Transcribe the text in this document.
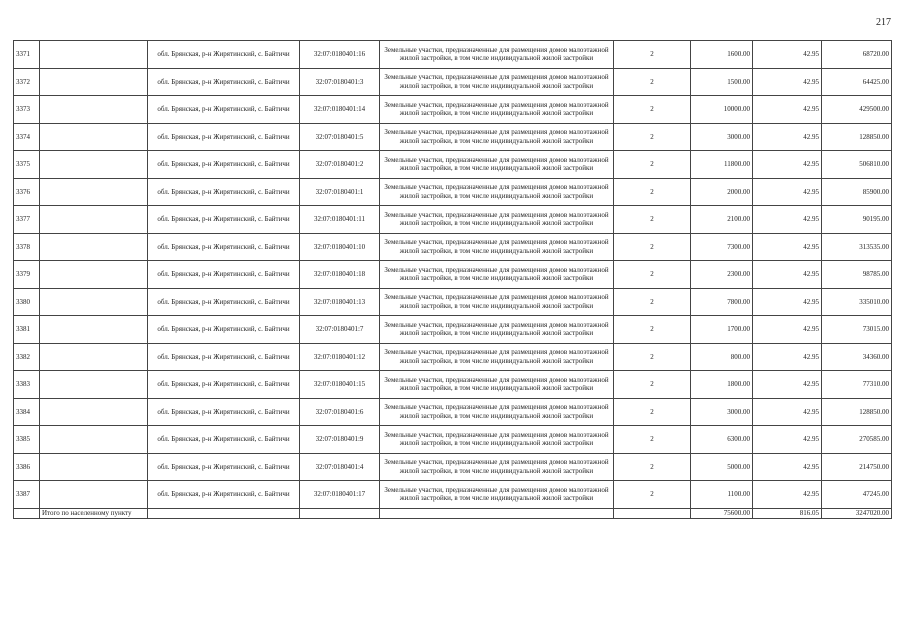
217
3371		обл. Брянская, р-н Жирятинский, с. Байтичи	32:07:0180401:16	Земельные участки, предназначенные для размещения домов малоэтажной жилой застройки, в том числе индивидуальной жилой застройки	2	1600.00	42.95	68720.00
3372		обл. Брянская, р-н Жирятинский, с. Байтичи	32:07:0180401:3	Земельные участки, предназначенные для размещения домов малоэтажной жилой застройки, в том числе индивидуальной жилой застройки	2	1500.00	42.95	64425.00
3373		обл. Брянская, р-н Жирятинский, с. Байтичи	32:07:0180401:14	Земельные участки, предназначенные для размещения домов малоэтажной жилой застройки, в том числе индивидуальной жилой застройки	2	10000.00	42.95	429500.00
3374		обл. Брянская, р-н Жирятинский, с. Байтичи	32:07:0180401:5	Земельные участки, предназначенные для размещения домов малоэтажной жилой застройки, в том числе индивидуальной жилой застройки	2	3000.00	42.95	128850.00
3375		обл. Брянская, р-н Жирятинский, с. Байтичи	32:07:0180401:2	Земельные участки, предназначенные для размещения домов малоэтажной жилой застройки, в том числе индивидуальной жилой застройки	2	11800.00	42.95	506810.00
3376		обл. Брянская, р-н Жирятинский, с. Байтичи	32:07:0180401:1	Земельные участки, предназначенные для размещения домов малоэтажной жилой застройки, в том числе индивидуальной жилой застройки	2	2000.00	42.95	85900.00
3377		обл. Брянская, р-н Жирятинский, с. Байтичи	32:07:0180401:11	Земельные участки, предназначенные для размещения домов малоэтажной жилой застройки, в том числе индивидуальной жилой застройки	2	2100.00	42.95	90195.00
3378		обл. Брянская, р-н Жирятинский, с. Байтичи	32:07:0180401:10	Земельные участки, предназначенные для размещения домов малоэтажной жилой застройки, в том числе индивидуальной жилой застройки	2	7300.00	42.95	313535.00
3379		обл. Брянская, р-н Жирятинский, с. Байтичи	32:07:0180401:18	Земельные участки, предназначенные для размещения домов малоэтажной жилой застройки, в том числе индивидуальной жилой застройки	2	2300.00	42.95	98785.00
3380		обл. Брянская, р-н Жирятинский, с. Байтичи	32:07:0180401:13	Земельные участки, предназначенные для размещения домов малоэтажной жилой застройки, в том числе индивидуальной жилой застройки	2	7800.00	42.95	335010.00
3381		обл. Брянская, р-н Жирятинский, с. Байтичи	32:07:0180401:7	Земельные участки, предназначенные для размещения домов малоэтажной жилой застройки, в том числе индивидуальной жилой застройки	2	1700.00	42.95	73015.00
3382		обл. Брянская, р-н Жирятинский, с. Байтичи	32:07:0180401:12	Земельные участки, предназначенные для размещения домов малоэтажной жилой застройки, в том числе индивидуальной жилой застройки	2	800.00	42.95	34360.00
3383		обл. Брянская, р-н Жирятинский, с. Байтичи	32:07:0180401:15	Земельные участки, предназначенные для размещения домов малоэтажной жилой застройки, в том числе индивидуальной жилой застройки	2	1800.00	42.95	77310.00
3384		обл. Брянская, р-н Жирятинский, с. Байтичи	32:07:0180401:6	Земельные участки, предназначенные для размещения домов малоэтажной жилой застройки, в том числе индивидуальной жилой застройки	2	3000.00	42.95	128850.00
3385		обл. Брянская, р-н Жирятинский, с. Байтичи	32:07:0180401:9	Земельные участки, предназначенные для размещения домов малоэтажной жилой застройки, в том числе индивидуальной жилой застройки	2	6300.00	42.95	270585.00
3386		обл. Брянская, р-н Жирятинский, с. Байтичи	32:07:0180401:4	Земельные участки, предназначенные для размещения домов малоэтажной жилой застройки, в том числе индивидуальной жилой застройки	2	5000.00	42.95	214750.00
3387		обл. Брянская, р-н Жирятинский, с. Байтичи	32:07:0180401:17	Земельные участки, предназначенные для размещения домов малоэтажной жилой застройки, в том числе индивидуальной жилой застройки	2	1100.00	42.95	47245.00
	Итого по населенному пункту					75600.00	816.05	3247020.00
